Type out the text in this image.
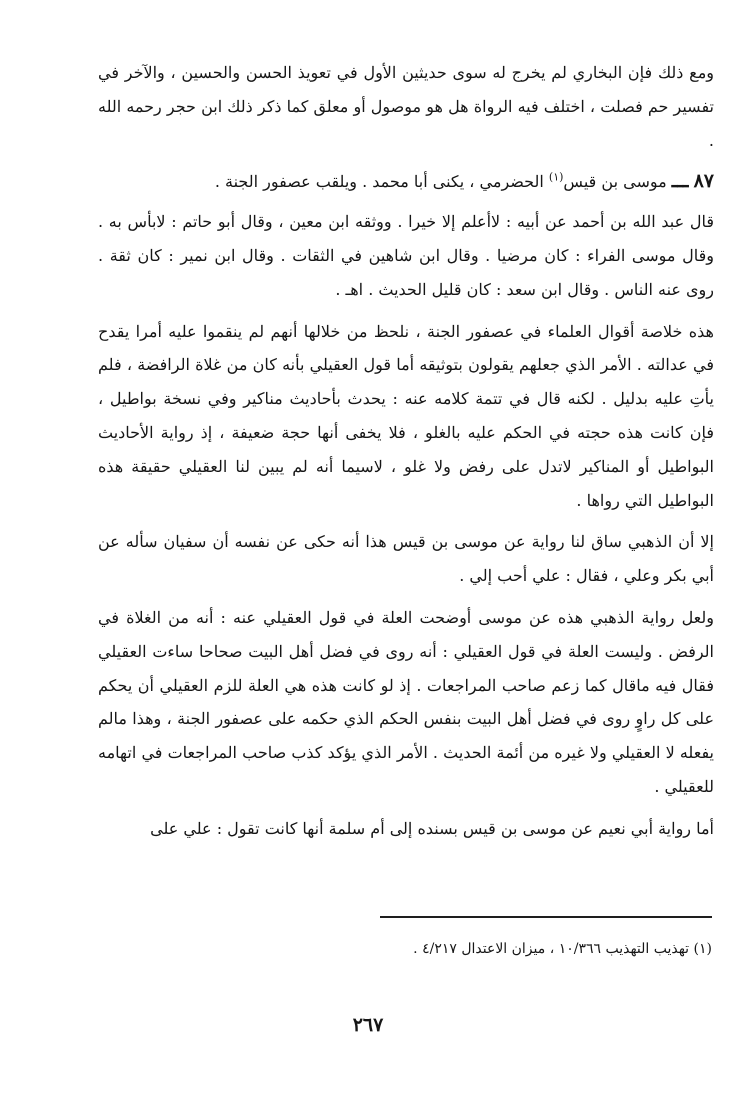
ومع ذلك فإن البخاري لم يخرج له سوى حديثين الأول في تعويذ الحسن والحسين ، والآخر في تفسير حم فصلت ، اختلف فيه الرواة هل هو موصول أو معلق كما ذكر ذلك ابن حجر رحمه الله .

٨٧ ـــ موسى بن قيس$^{(١)}$ الحضرمي ، يكنى أبا محمد . ويلقب عصفور الجنة .

قال عبد الله بن أحمد عن أبيه : لاأعلم إلا خيرا . ووثقه ابن معين ، وقال أبو حاتم : لابأس به . وقال موسى الفراء : كان مرضيا . وقال ابن شاهين في الثقات . وقال ابن نمير : كان ثقة . روى عنه الناس . وقال ابن سعد : كان قليل الحديث . اهـ .

هذه خلاصة أقوال العلماء في عصفور الجنة ، نلحظ من خلالها أنهم لم ينقموا عليه أمرا يقدح في عدالته . الأمر الذي جعلهم يقولون بتوثيقه أما قول العقيلي بأنه كان من غلاة الرافضة ، فلم يأتِ عليه بدليل . لكنه قال في تتمة كلامه عنه : يحدث بأحاديث مناكير وفي نسخة بواطيل ، فإن كانت هذه حجته في الحكم عليه بالغلو ، فلا يخفى أنها حجة ضعيفة ، إذ رواية الأحاديث البواطيل أو المناكير لاتدل على رفض ولا غلو ، لاسيما أنه لم يبين لنا العقيلي حقيقة هذه البواطيل التي رواها .

إلا أن الذهبي ساق لنا رواية عن موسى بن قيس هذا أنه حكى عن نفسه أن سفيان سأله عن أبي بكر وعلي ، فقال : علي أحب إلي .

ولعل رواية الذهبي هذه عن موسى أوضحت العلة في قول العقيلي عنه : أنه من الغلاة في الرفض . وليست العلة في قول العقيلي : أنه روى في فضل أهل البيت صحاحا ساءت العقيلي فقال فيه ماقال كما زعم صاحب المراجعات . إذ لو كانت هذه هي العلة للزم العقيلي أن يحكم على كل راوٍ روى في فضل أهل البيت بنفس الحكم الذي حكمه على عصفور الجنة ، وهذا مالم يفعله لا العقيلي ولا غيره من أئمة الحديث . الأمر الذي يؤكد كذب صاحب المراجعات في اتهامه للعقيلي .

أما رواية أبي نعيم عن موسى بن قيس بسنده إلى أم سلمة أنها كانت تقول : علي على

(١) تهذيب التهذيب ١٠/٣٦٦ ، ميزان الاعتدال ٤/٢١٧ .
٢٦٧
